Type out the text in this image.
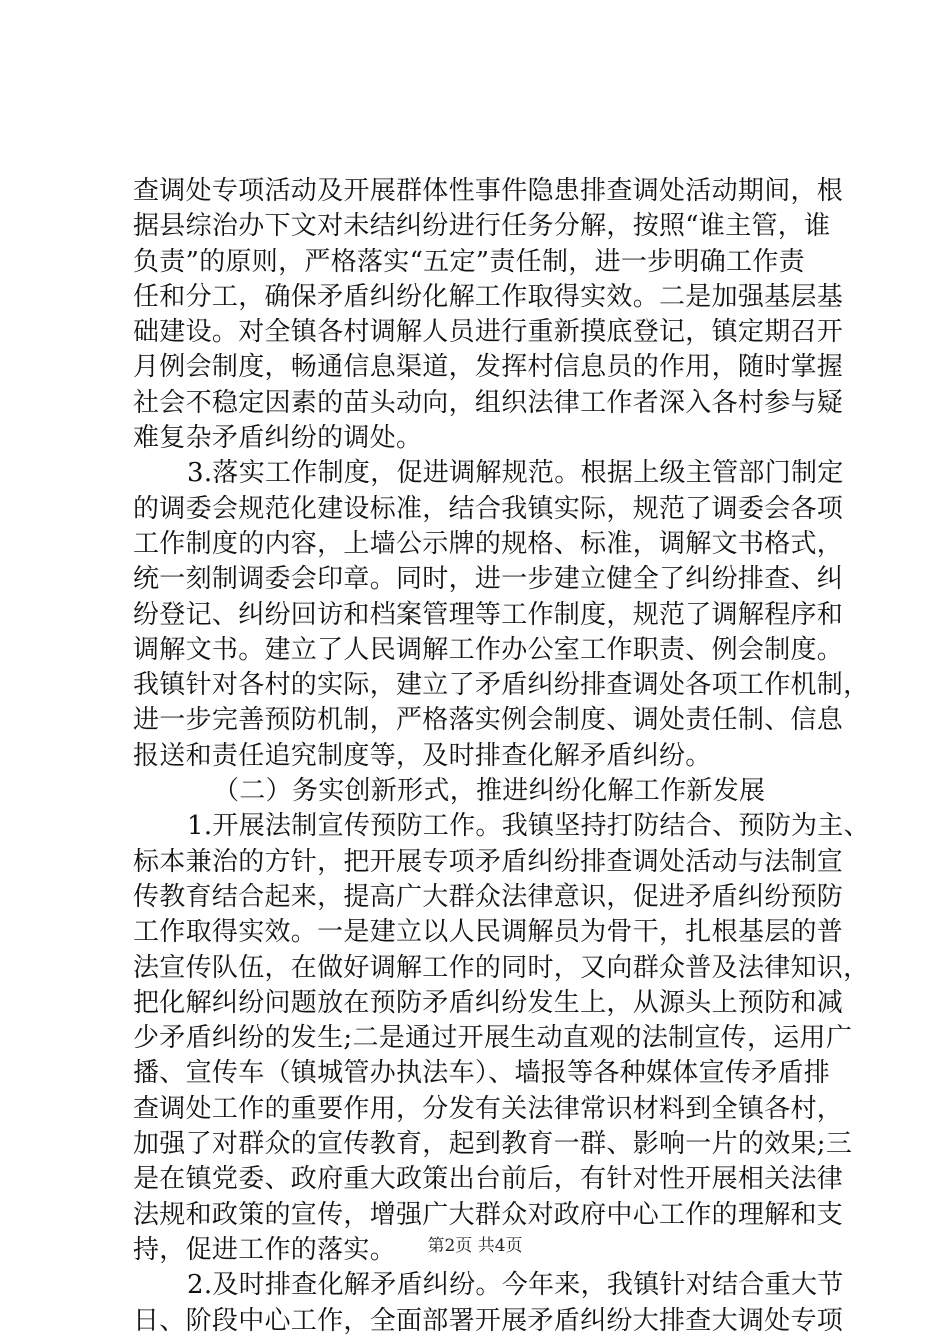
查调处专项活动及开展群体性事件隐患排查调处活动期间，根
据县综治办下文对未结纠纷进行任务分解，按照“谁主管，谁
负责”的原则，严格落实“五定”责任制，进一步明确工作责
任和分工，确保矛盾纠纷化解工作取得实效。二是加强基层基
础建设。对全镇各村调解人员进行重新摸底登记，镇定期召开
月例会制度，畅通信息渠道，发挥村信息员的作用，随时掌握
社会不稳定因素的苗头动向，组织法律工作者深入各村参与疑
难复杂矛盾纠纷的调处。
3.落实工作制度，促进调解规范。根据上级主管部门制定
的调委会规范化建设标准，结合我镇实际，规范了调委会各项
工作制度的内容，上墙公示牌的规格、标准，调解文书格式，
统一刻制调委会印章。同时，进一步建立健全了纠纷排查、纠
纷登记、纠纷回访和档案管理等工作制度，规范了调解程序和
调解文书。建立了人民调解工作办公室工作职责、例会制度。
我镇针对各村的实际，建立了矛盾纠纷排查调处各项工作机制，
进一步完善预防机制，严格落实例会制度、调处责任制、信息
报送和责任追究制度等，及时排查化解矛盾纠纷。
（二）务实创新形式，推进纠纷化解工作新发展
1.开展法制宣传预防工作。我镇坚持打防结合、预防为主、
标本兼治的方针，把开展专项矛盾纠纷排查调处活动与法制宣
传教育结合起来，提高广大群众法律意识，促进矛盾纠纷预防
工作取得实效。一是建立以人民调解员为骨干，扎根基层的普
法宣传队伍，在做好调解工作的同时，又向群众普及法律知识，
把化解纠纷问题放在预防矛盾纠纷发生上，从源头上预防和减
少矛盾纠纷的发生;二是通过开展生动直观的法制宣传，运用广
播、宣传车（镇城管办执法车）、墙报等各种媒体宣传矛盾排
查调处工作的重要作用，分发有关法律常识材料到全镇各村，
加强了对群众的宣传教育，起到教育一群、影响一片的效果;三
是在镇党委、政府重大政策出台前后，有针对性开展相关法律
法规和政策的宣传，增强广大群众对政府中心工作的理解和支
持，促进工作的落实。
2.及时排查化解矛盾纠纷。今年来，我镇针对结合重大节
日、阶段中心工作，全面部署开展矛盾纠纷大排查大调处专项
第2页 共4页
